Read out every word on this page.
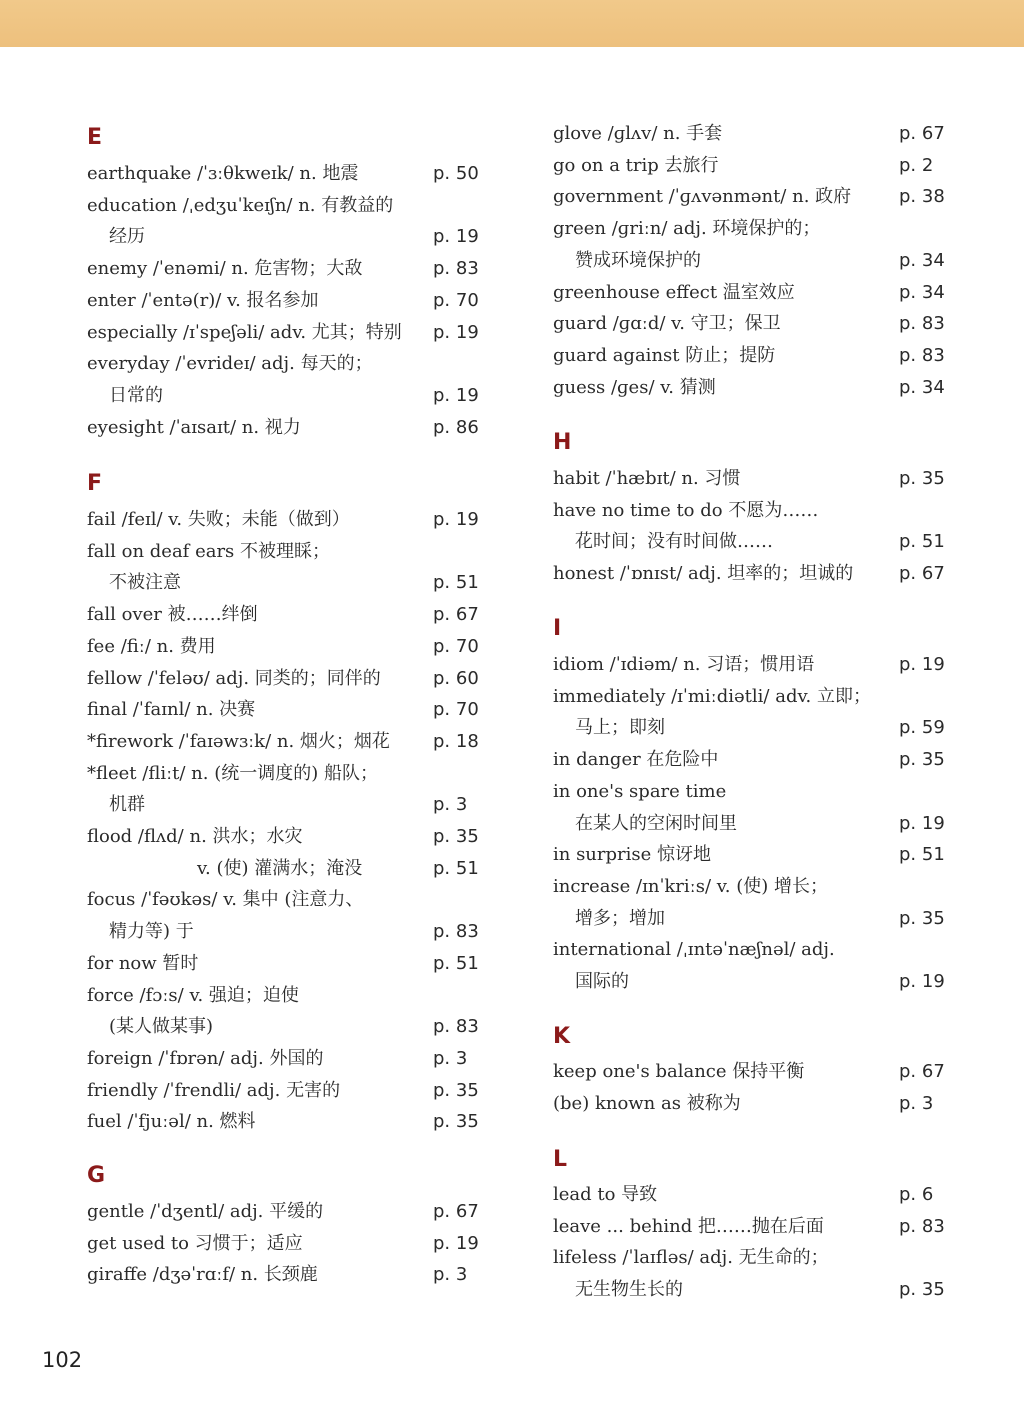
E
earthquake /ˈɜːθkweɪk/ n. 地震	p. 50
education /ˌedʒuˈkeɪʃn/ n. 有教益的
经历	p. 19
enemy /ˈenəmi/ n. 危害物；大敌	p. 83
enter /ˈentə(r)/ v. 报名参加	p. 70
especially /ɪˈspeʃəli/ adv. 尤其；特别 p. 19
everyday /ˈevrideɪ/ adj. 每天的；
日常的	p. 19
eyesight /ˈaɪsaɪt/ n. 视力	p. 86
F
fail /feɪl/ v. 失败；未能（做到）	p. 19
fall on deaf ears 不被理睬；
不被注意	p. 51
fall over 被……绊倒	p. 67
fee /fiː/ n. 费用	p. 70
fellow /ˈfeləʊ/ adj. 同类的；同伴的	p. 60
final /ˈfaɪnl/ n. 决赛	p. 70
*firework /ˈfaɪəwɜːk/ n. 烟火；烟花 p. 18
*fleet /fliːt/ n. (统一调度的) 船队；
机群	p. 3
flood /flʌd/ n. 洪水；水灾	p. 35
v. (使) 灌满水；淹没	p. 51
focus /ˈfəʊkəs/ v. 集中 (注意力、
精力等) 于	p. 83
for now 暂时	p. 51
force /fɔːs/ v. 强迫；迫使
(某人做某事)	p. 83
foreign /ˈfɒrən/ adj. 外国的	p. 3
friendly /ˈfrendli/ adj. 无害的	p. 35
fuel /ˈfjuːəl/ n. 燃料	p. 35
G
gentle /ˈdʒentl/ adj. 平缓的	p. 67
get used to 习惯于；适应	p. 19
giraffe /dʒəˈrɑːf/ n. 长颈鹿	p. 3
glove /ɡlʌv/ n. 手套	p. 67
go on a trip 去旅行	p. 2
government /ˈɡʌvənmənt/ n. 政府	p. 38
green /ɡriːn/ adj. 环境保护的；
赞成环境保护的	p. 34
greenhouse effect 温室效应	p. 34
guard /ɡɑːd/ v. 守卫；保卫	p. 83
guard against 防止；提防	p. 83
guess /ɡes/ v. 猜测	p. 34
H
habit /ˈhæbɪt/ n. 习惯	p. 35
have no time to do 不愿为……
花时间；没有时间做……	p. 51
honest /ˈɒnɪst/ adj. 坦率的；坦诚的	p. 67
I
idiom /ˈɪdiəm/ n. 习语；惯用语	p. 19
immediately /ɪˈmiːdiətli/ adv. 立即；
马上；即刻	p. 59
in danger 在危险中	p. 35
in one's spare time
在某人的空闲时间里	p. 19
in surprise 惊讶地	p. 51
increase /ɪnˈkriːs/ v. (使) 增长；
增多；增加	p. 35
international /ˌɪntəˈnæʃnəl/ adj.
国际的	p. 19
K
keep one's balance 保持平衡	p. 67
(be) known as 被称为	p. 3
L
lead to 导致	p. 6
leave ... behind 把……抛在后面	p. 83
lifeless /ˈlaɪfləs/ adj. 无生命的；
无生物生长的	p. 35
102
